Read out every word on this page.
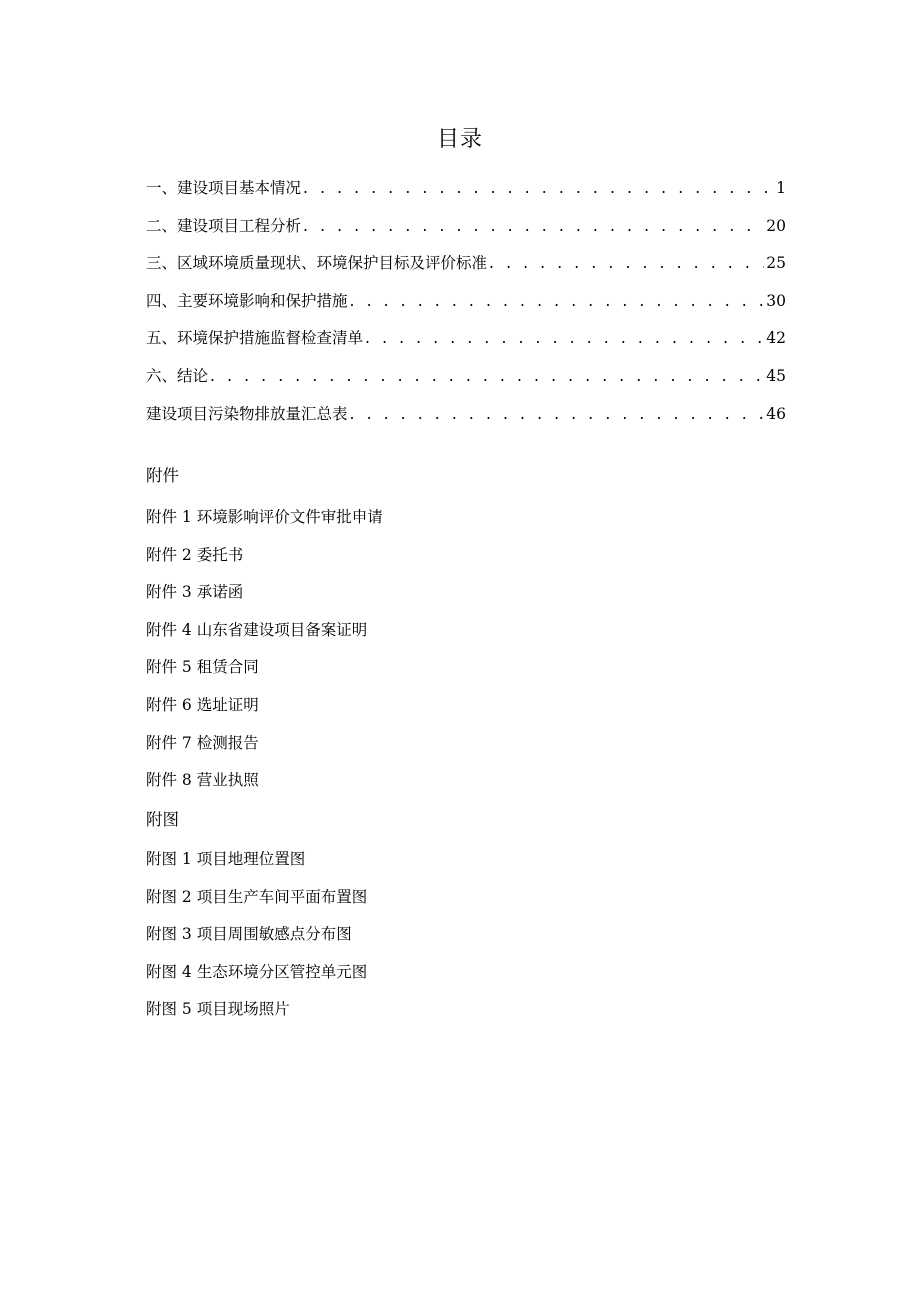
目录
一、建设项目基本情况 . . .	1
二、建设项目工程分析 . . .	20
三、区域环境质量现状、环境保护目标及评价标准 . . .	25
四、主要环境影响和保护措施 . . .	30
五、环境保护措施监督检查清单 . . .	42
六、结论 . . .	45
建设项目污染物排放量汇总表 . . .	46
附件
附件 1 环境影响评价文件审批申请
附件 2 委托书
附件 3 承诺函
附件 4 山东省建设项目备案证明
附件 5 租赁合同
附件 6 选址证明
附件 7 检测报告
附件 8 营业执照
附图
附图 1 项目地理位置图
附图 2 项目生产车间平面布置图
附图 3 项目周围敏感点分布图
附图 4 生态环境分区管控单元图
附图 5 项目现场照片
